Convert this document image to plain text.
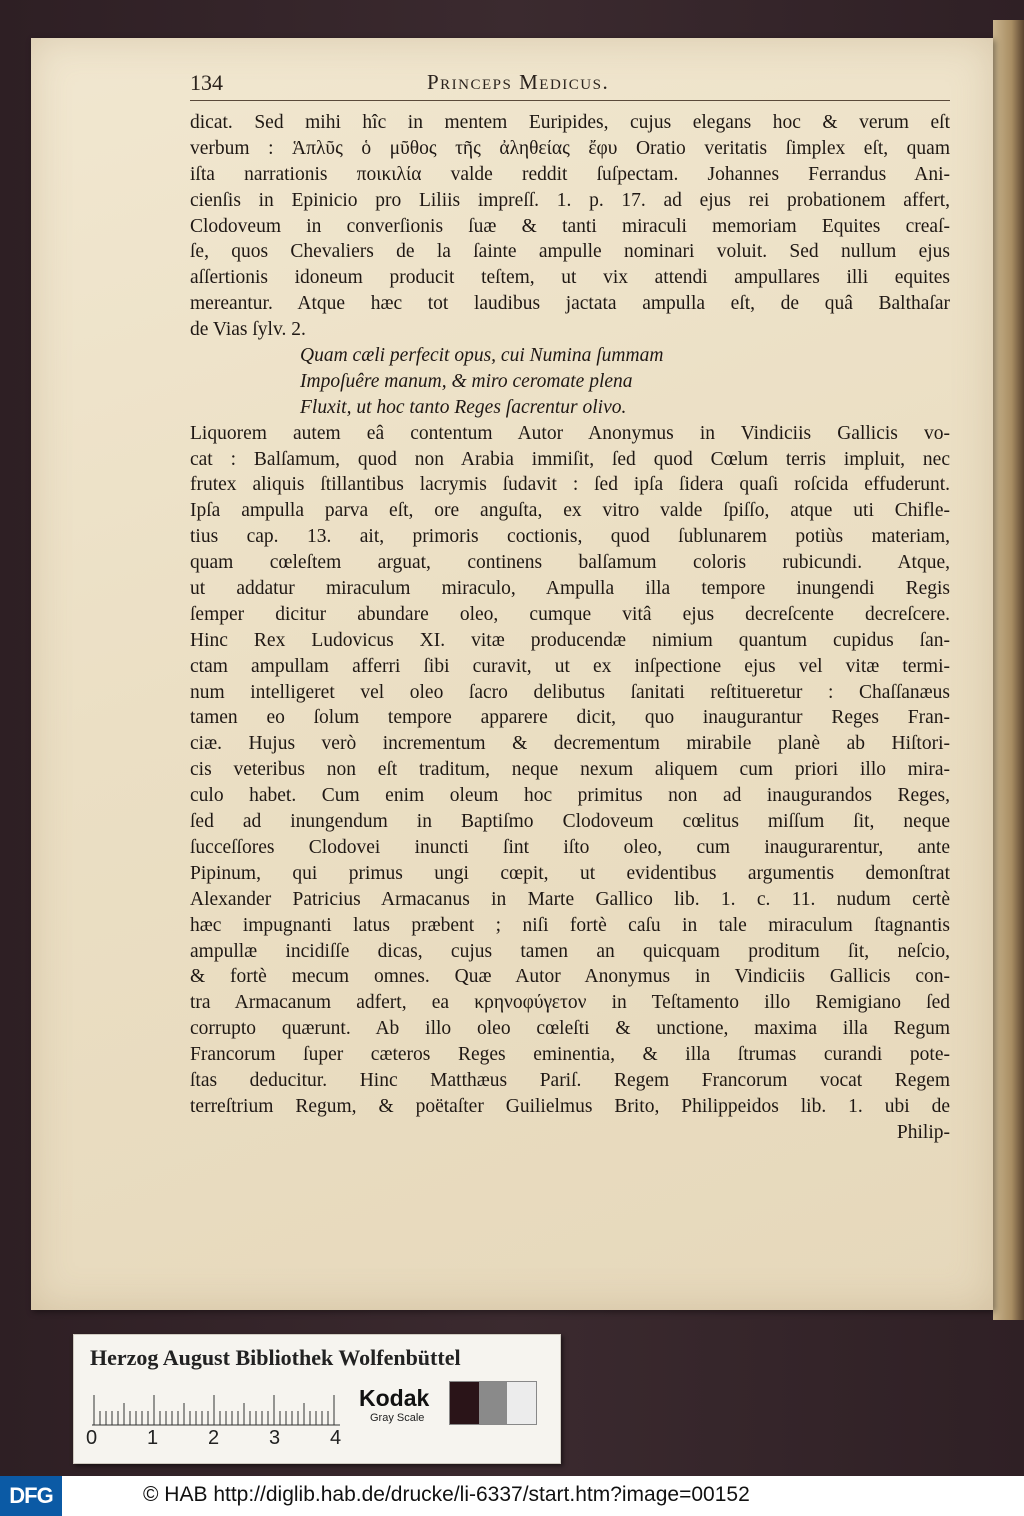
134	Princeps Medicus.
dicat. Sed mihi hîc in mentem Euripides, cujus elegans hoc & verum eſt
verbum : Ἁπλῦς ὁ μῦθος τῆς ἀληθείας ἔφυ Oratio veritatis ſimplex eſt, quam
iſta narrationis ποικιλία valde reddit ſuſpectam. Johannes Ferrandus Ani-
cienſis in Epinicio pro Liliis impreſſ. 1. p. 17. ad ejus rei probationem affert,
Clodoveum in converſionis ſuæ & tanti miraculi memoriam Equites creaſ-
ſe, quos Chevaliers de la ſainte ampulle nominari voluit. Sed nullum ejus
aſſertionis idoneum producit teſtem, ut vix attendi ampullares illi equites
mereantur. Atque hæc tot laudibus jactata ampulla eſt, de quâ Balthaſar
de Vias ſylv. 2.
Quam cæli perfecit opus, cui Numina ſummam
Impoſuêre manum, & miro ceromate plena
Fluxit, ut hoc tanto Reges ſacrentur olivo.
Liquorem autem eâ contentum Autor Anonymus in Vindiciis Gallicis vo-
cat : Balſamum, quod non Arabia immiſit, ſed quod Cœlum terris impluit, nec
frutex aliquis ſtillantibus lacrymis ſudavit : ſed ipſa ſidera quaſi roſcida effuderunt.
Ipſa ampulla parva eſt, ore anguſta, ex vitro valde ſpiſſo, atque uti Chifle-
tius cap. 13. ait, primoris coctionis, quod ſublunarem potiùs materiam,
quam cœleſtem arguat, continens balſamum coloris rubicundi. Atque,
ut addatur miraculum miraculo, Ampulla illa tempore inungendi Regis
ſemper dicitur abundare oleo, cumque vitâ ejus decreſcente decreſcere.
Hinc Rex Ludovicus XI. vitæ producendæ nimium quantum cupidus ſan-
ctam ampullam afferri ſibi curavit, ut ex inſpectione ejus vel vitæ termi-
num intelligeret vel oleo ſacro delibutus ſanitati reſtitueretur : Chaſſanæus
tamen eo ſolum tempore apparere dicit, quo inaugurantur Reges Fran-
ciæ. Hujus verò incrementum & decrementum mirabile planè ab Hiſtori-
cis veteribus non eſt traditum, neque nexum aliquem cum priori illo mira-
culo habet. Cum enim oleum hoc primitus non ad inaugurandos Reges,
ſed ad inungendum in Baptiſmo Clodoveum cœlitus miſſum ſit, neque
ſucceſſores Clodovei inuncti ſint iſto oleo, cum inaugurarentur, ante
Pipinum, qui primus ungi cœpit, ut evidentibus argumentis demonſtrat
Alexander Patricius Armacanus in Marte Gallico lib. 1. c. 11. nudum certè
hæc impugnanti latus præbent ; niſi fortè caſu in tale miraculum ſtagnantis
ampullæ incidiſſe dicas, cujus tamen an quicquam proditum ſit, neſcio,
& fortè mecum omnes. Quæ Autor Anonymus in Vindiciis Gallicis con-
tra Armacanum adfert, ea κρηνοφύγετον in Teſtamento illo Remigiano ſed
corrupto quærunt. Ab illo oleo cœleſti & unctione, maxima illa Regum
Francorum ſuper cæteros Reges eminentia, & illa ſtrumas curandi pote-
ſtas deducitur. Hinc Matthæus Pariſ. Regem Francorum vocat Regem
terreſtrium Regum, & poëtaſter Guilielmus Brito, Philippeidos lib. 1. ubi de
Philip-
Herzog August Bibliothek Wolfenbüttel
0 1 2 3 4
Kodak
Gray Scale
DFG	© HAB http://diglib.hab.de/drucke/li-6337/start.htm?image=00152
